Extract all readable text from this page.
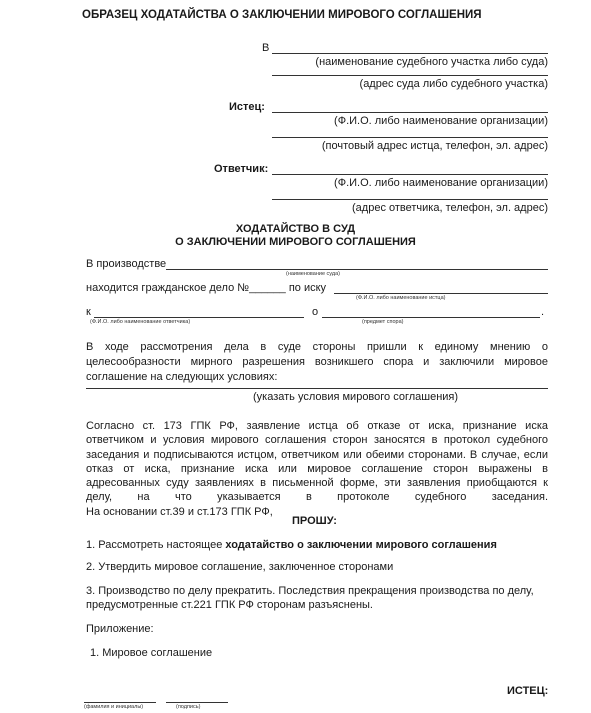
ОБРАЗЕЦ ХОДАТАЙСТВА О ЗАКЛЮЧЕНИИ МИРОВОГО СОГЛАШЕНИЯ
В
(наименование судебного участка либо суда)
(адрес суда либо судебного участка)
Истец:
(Ф.И.О. либо наименование организации)
(почтовый адрес истца, телефон, эл. адрес)
Ответчик:
(Ф.И.О. либо наименование организации)
(адрес ответчика, телефон, эл. адрес)
ХОДАТАЙСТВО В СУД
О ЗАКЛЮЧЕНИИ МИРОВОГО СОГЛАШЕНИЯ
В производстве
(наименование суда)
находится гражданское дело №______ по иску
(Ф.И.О. либо наименование истца)
к
(Ф.И.О. либо наименование ответчика)
о	.
(предмет спора)
В ходе рассмотрения дела в суде стороны пришли к единому мнению о
целесообразности мирного разрешения возникшего спора и заключили мировое
соглашение на следующих условиях:
(указать условия мирового соглашения)
Согласно ст. 173 ГПК РФ, заявление истца об отказе от иска, признание иска
ответчиком и условия мирового соглашения сторон заносятся в протокол судебного
заседания и подписываются истцом, ответчиком или обеими сторонами. В случае, если
отказ от иска, признание иска или мировое соглашение сторон выражены в
адресованных суду заявлениях в письменной форме, эти заявления приобщаются к
делу, на что указывается в протоколе судебного заседания.
На основании ст.39 и ст.173 ГПК РФ,
ПРОШУ:
1. Рассмотреть настоящее ходатайство о заключении мирового соглашения
2. Утвердить мировое соглашение, заключенное сторонами
3. Производство по делу прекратить. Последствия прекращения производства по делу,
предусмотренные ст.221 ГПК РФ сторонам разъяснены.
Приложение:
1. Мировое соглашение
ИСТЕЦ:
(фамилия и инициалы)	(подпись)
